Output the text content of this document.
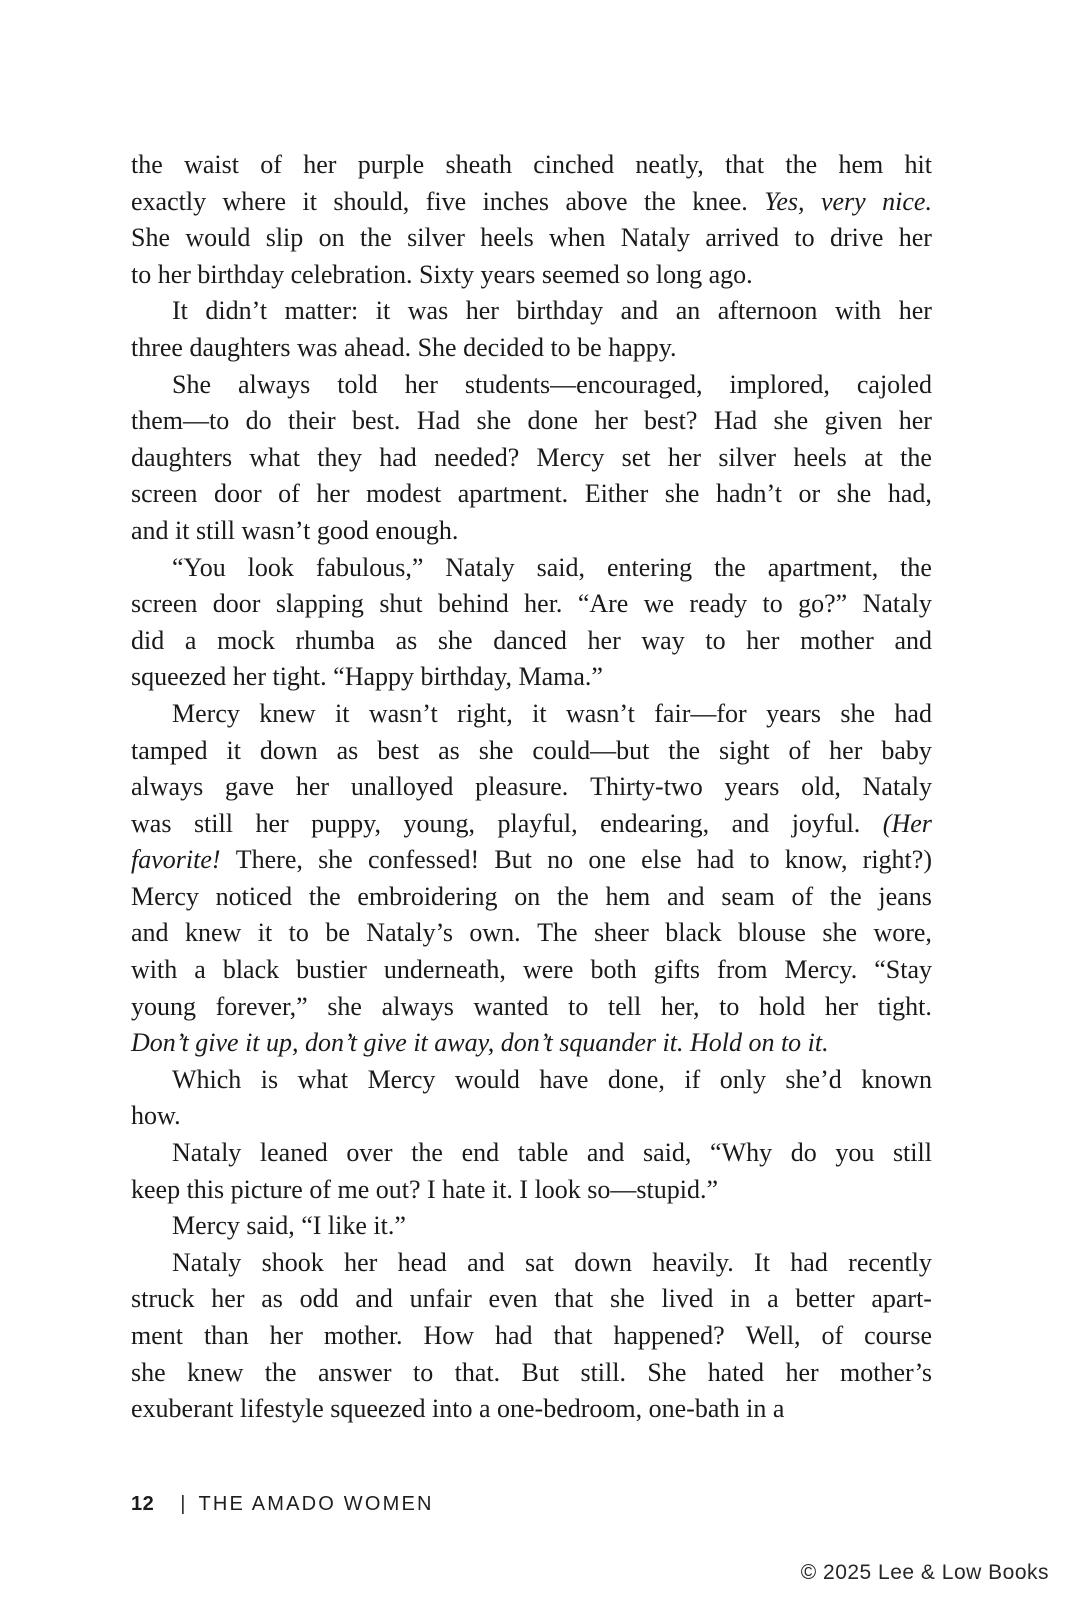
the waist of her purple sheath cinched neatly, that the hem hit
exactly where it should, five inches above the knee. Yes, very nice.
She would slip on the silver heels when Nataly arrived to drive her
to her birthday celebration. Sixty years seemed so long ago.
It didn’t matter: it was her birthday and an afternoon with her
three daughters was ahead. She decided to be happy.
She always told her students—encouraged, implored, cajoled
them—to do their best. Had she done her best? Had she given her
daughters what they had needed? Mercy set her silver heels at the
screen door of her modest apartment. Either she hadn’t or she had,
and it still wasn’t good enough.
“You look fabulous,” Nataly said, entering the apartment, the
screen door slapping shut behind her. “Are we ready to go?” Nataly
did a mock rhumba as she danced her way to her mother and
squeezed her tight. “Happy birthday, Mama.”
Mercy knew it wasn’t right, it wasn’t fair—for years she had
tamped it down as best as she could—but the sight of her baby
always gave her unalloyed pleasure. Thirty-two years old, Nataly
was still her puppy, young, playful, endearing, and joyful. (Her
favorite! There, she confessed! But no one else had to know, right?)
Mercy noticed the embroidering on the hem and seam of the jeans
and knew it to be Nataly’s own. The sheer black blouse she wore,
with a black bustier underneath, were both gifts from Mercy. “Stay
young forever,” she always wanted to tell her, to hold her tight.
Don’t give it up, don’t give it away, don’t squander it. Hold on to it.
Which is what Mercy would have done, if only she’d known
how.
Nataly leaned over the end table and said, “Why do you still
keep this picture of me out? I hate it. I look so—stupid.”
Mercy said, “I like it.”
Nataly shook her head and sat down heavily. It had recently
struck her as odd and unfair even that she lived in a better apart-
ment than her mother. How had that happened? Well, of course
she knew the answer to that. But still. She hated her mother’s
exuberant lifestyle squeezed into a one-bedroom, one-bath in a
12 | THE AMADO WOMEN
© 2025 Lee & Low Books
